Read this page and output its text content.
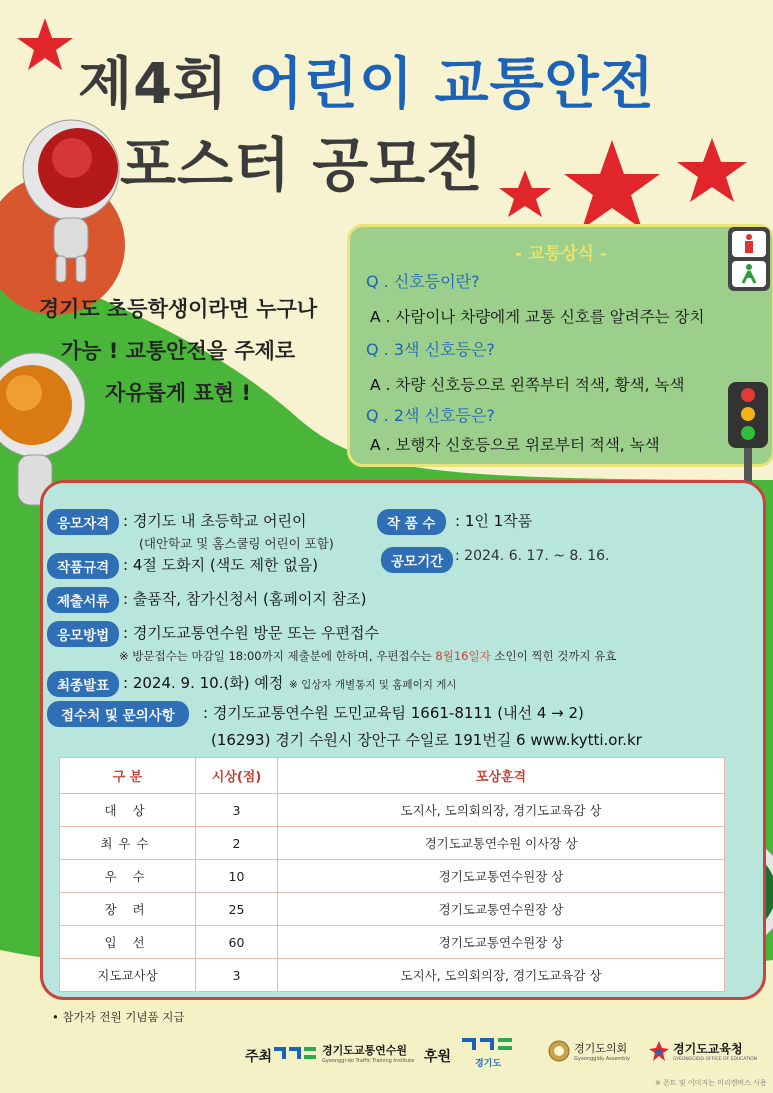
제4회 어린이 교통안전
포스터 공모전
경기도 초등학생이라면 누구나
가능 ! 교통안전을 주제로
자유롭게 표현 !
- 교통상식 -
Q . 신호등이란?
A . 사람이나 차량에게 교통 신호를 알려주는 장치
Q . 3색 신호등은?
A . 차량 신호등으로 왼쪽부터 적색, 황색, 녹색
Q . 2색 신호등은?
A . 보행자 신호등으로 위로부터 적색, 녹색
응모자격 : 경기도 내 초등학교 어린이
(대안학교 및 홈스쿨링 어린이 포함)
작 품 수	: 1인 1작품
작품규격 : 4절 도화지 (색도 제한 없음)	공모기간 : 2024. 6. 17. ~ 8. 16.
제출서류 : 출품작, 참가신청서 (홈페이지 참조)
응모방법 : 경기도교통연수원 방문 또는 우편접수
※ 방문접수는 마감일 18:00까지 제출분에 한하며, 우편접수는 8월16일자 소인이 찍힌 것까지 유효
최종발표 : 2024. 9. 10.(화) 예정 ※ 입상자 개별통지 및 홈페이지 게시
접수처 및 문의사항	: 경기도교통연수원 도민교육팀 1661-8111 (내선 4 → 2)
(16293) 경기 수원시 장안구 수일로 191번길 6 www.kytti.or.kr
구 분	시상(점)	포상훈격
대 상	3	도지사, 도의회의장, 경기도교육감 상
최우수	2	경기도교통연수원 이사장 상
우 수	10	경기도교통연수원장 상
장 려	25	경기도교통연수원장 상
입 선	60	경기도교통연수원장 상
지도교사상	3	도지사, 도의회의장, 경기도교육감 상
• 참가자 전원 기념품 지급
주최	경기도교통연수원
Gyeonggi-do Traffic Training Institute 후원	경기도
경기도의회
Gyeonggido Assembly
경기도교육청
GYEONGGIDO OFFICE OF EDUCATION
※ 폰트 및 이미지는 미리캔버스 사용
